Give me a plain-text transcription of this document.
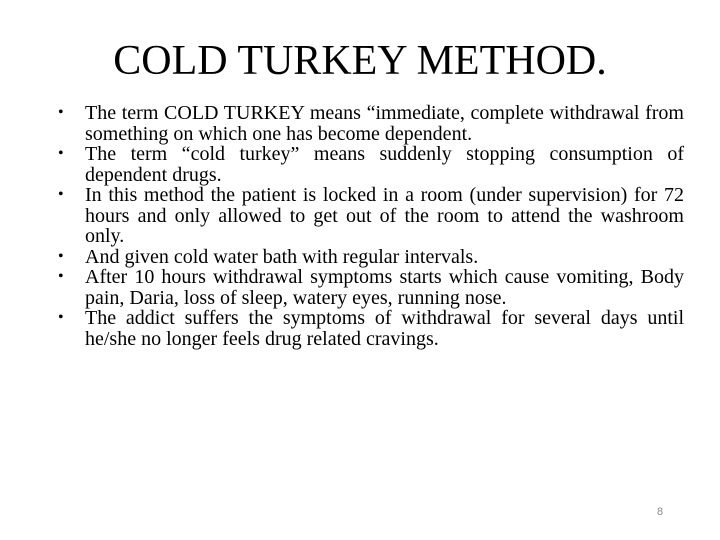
COLD TURKEY METHOD.
• The term COLD TURKEY means “immediate, complete withdrawal from something on which one has become dependent.
• The term “cold turkey” means suddenly stopping consumption of dependent drugs.
• In this method the patient is locked in a room (under supervision) for 72 hours and only allowed to get out of the room to attend the washroom only.
• And given cold water bath with regular intervals.
• After 10 hours withdrawal symptoms starts which cause vomiting, Body pain, Daria, loss of sleep, watery eyes, running nose.
• The addict suffers the symptoms of withdrawal for several days until he/she no longer feels drug related cravings.
8
